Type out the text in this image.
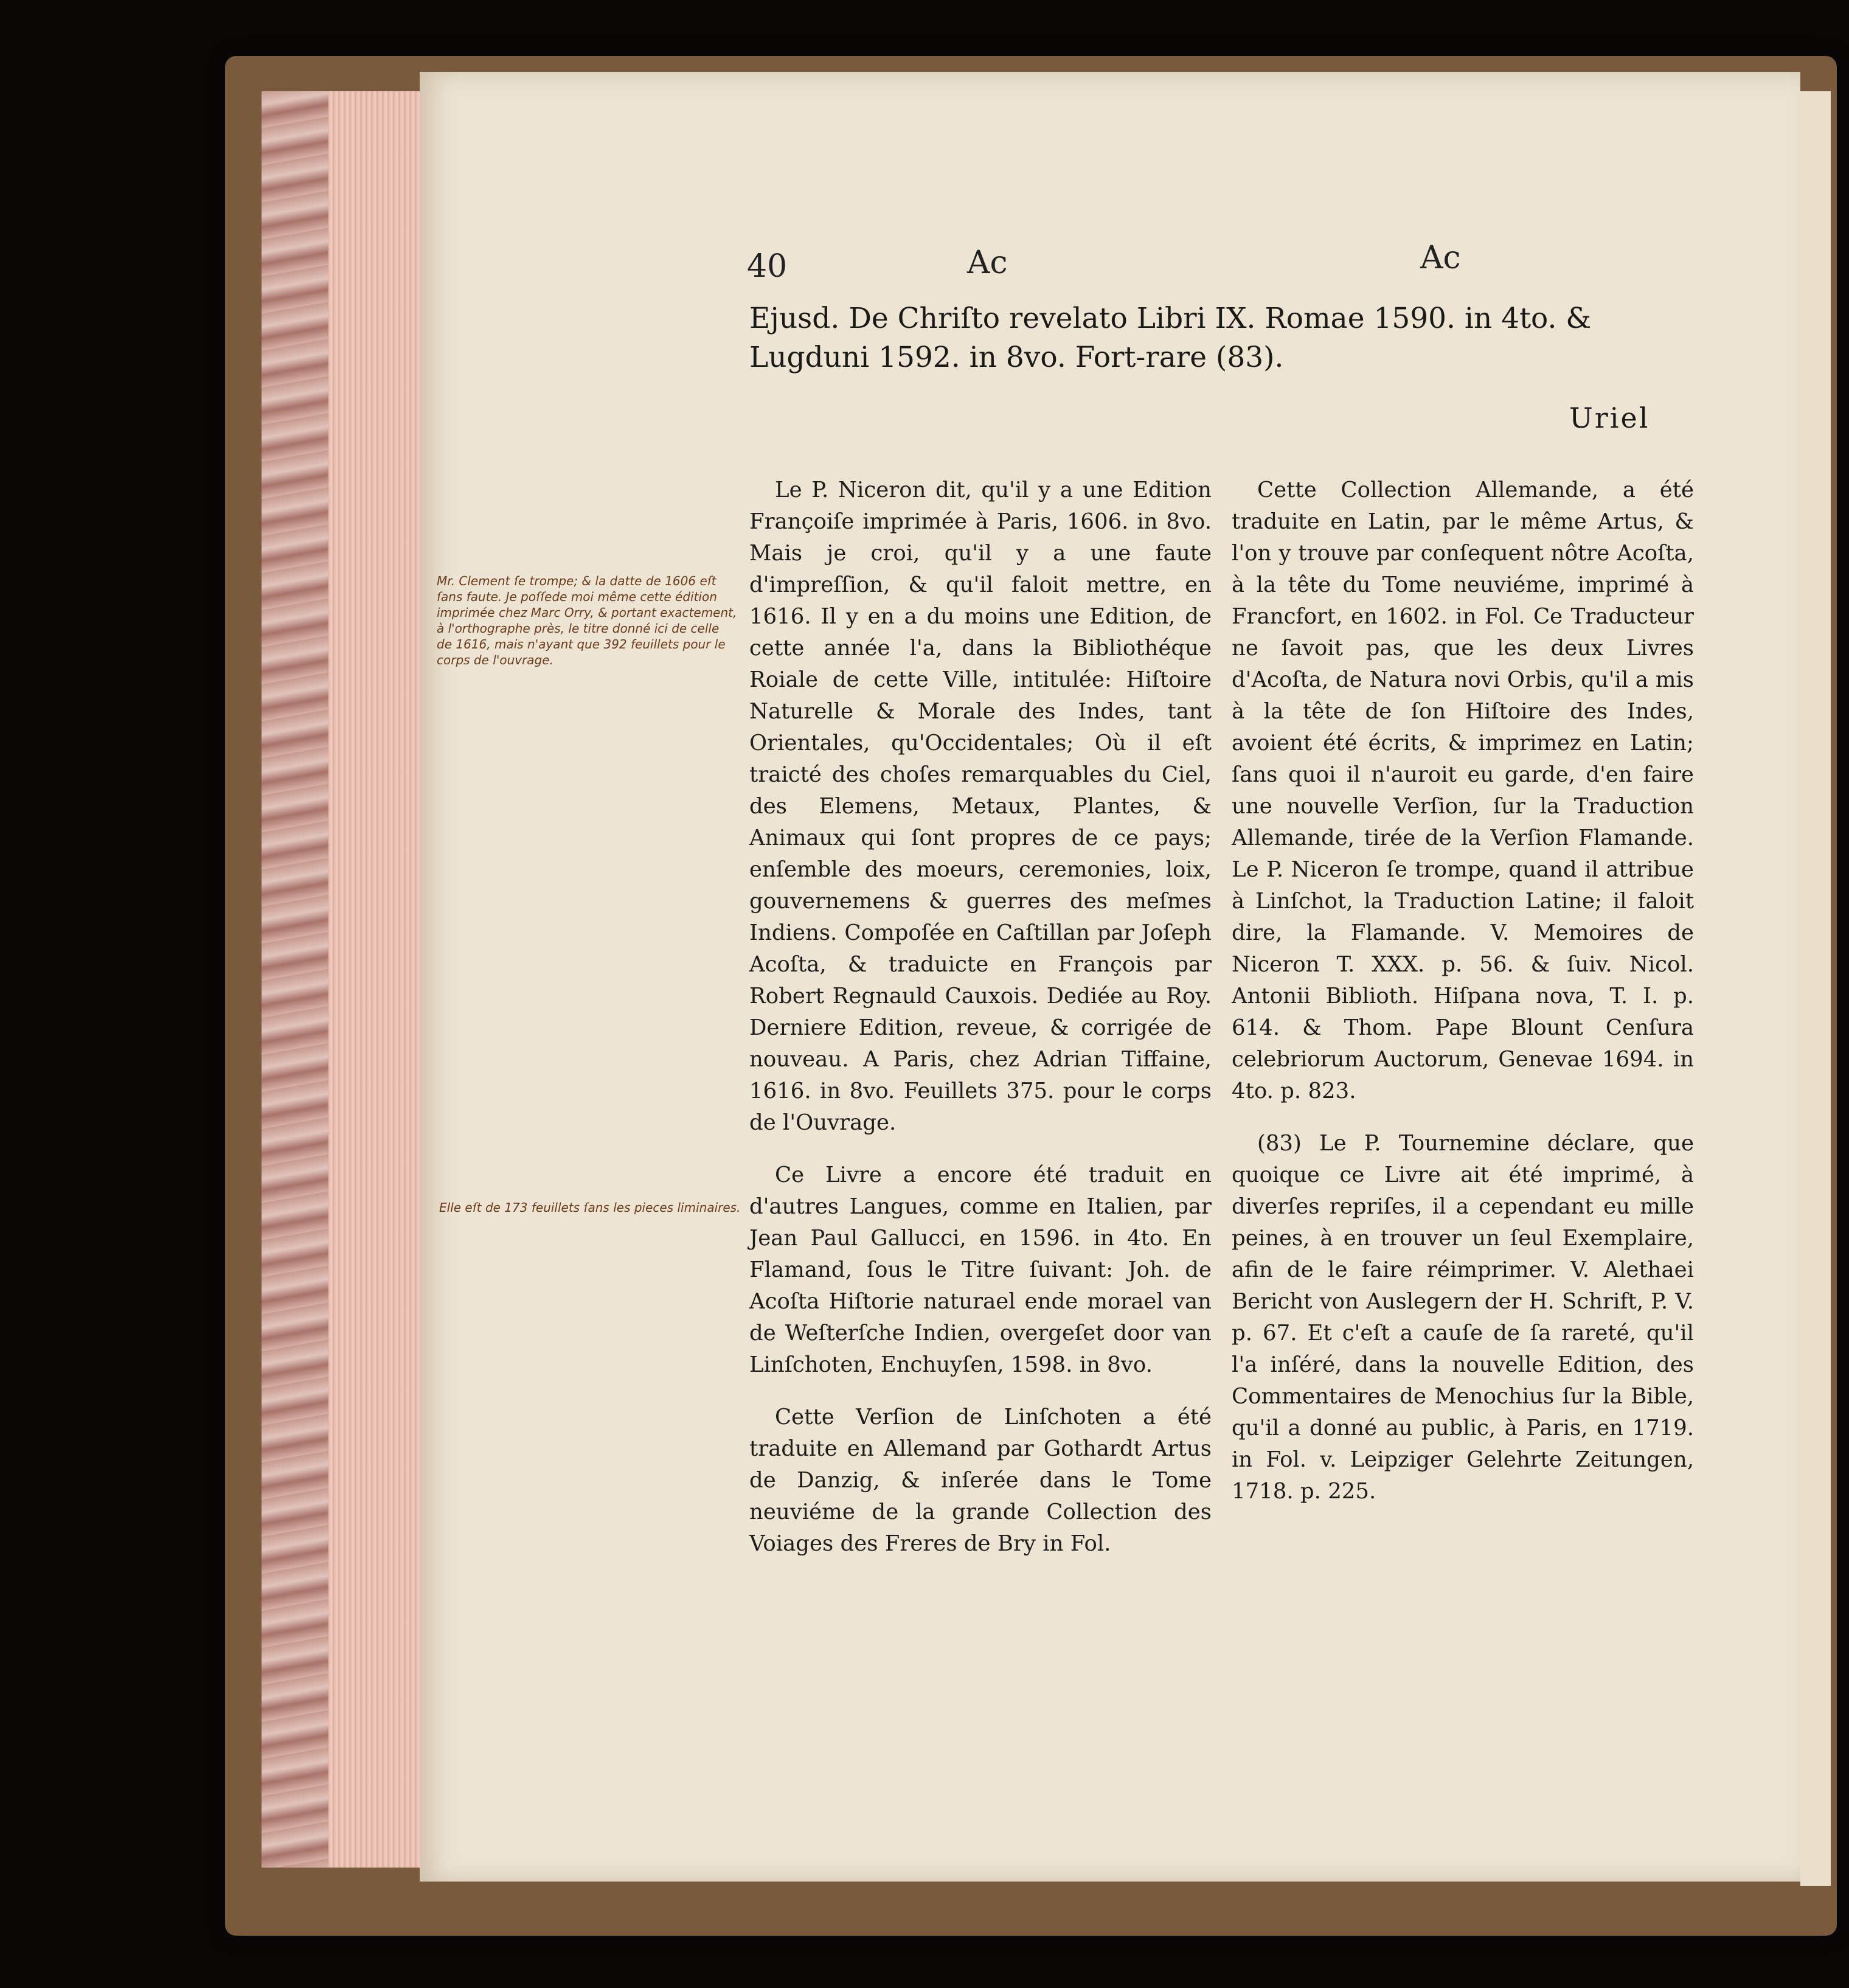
40	Ac	Ac
Ejusd. De Chriſto revelato Libri IX. Romae 1590. in 4to. & Lugduni 1592. in 8vo. Fort-rare (83).
Uriel
Mr. Clement ſe trompe; & la datte de 1606 eſt ſans faute. Je poſſede moi même cette édition imprimée chez Marc Orry, & portant exactement, à l'orthographe près, le titre donné ici de celle de 1616, mais n'ayant que 392 feuillets pour le corps de l'ouvrage.
Elle eſt de 173 feuillets ſans les pieces liminaires.

Le P. Niceron dit, qu'il y a une Edition Françoiſe imprimée à Paris, 1606. in 8vo. Mais je croi, qu'il y a une faute d'impreſſion, & qu'il faloit mettre, en 1616. Il y en a du moins une Edition, de cette année l'a, dans la Bibliothéque Roiale de cette Ville, intitulée: Hiſtoire Naturelle & Morale des Indes, tant Orientales, qu'Occidentales; Où il eſt traicté des choſes remarquables du Ciel, des Elemens, Metaux, Plantes, & Animaux qui ſont propres de ce pays; enſemble des moeurs, ceremonies, loix, gouvernemens & guerres des meſmes Indiens. Compoſée en Caſtillan par Joſeph Acoſta, & traduicte en François par Robert Regnauld Cauxois. Dediée au Roy. Derniere Edition, reveue, & corrigée de nouveau. A Paris, chez Adrian Tiffaine, 1616. in 8vo. Feuillets 375. pour le corps de l'Ouvrage.

Ce Livre a encore été traduit en d'autres Langues, comme en Italien, par Jean Paul Gallucci, en 1596. in 4to. En Flamand, ſous le Titre ſuivant: Joh. de Acoſta Hiſtorie naturael ende morael van de Weſterſche Indien, overgeſet door van Linſchoten, Enchuyſen, 1598. in 8vo.

Cette Verſion de Linſchoten a été traduite en Allemand par Gothardt Artus de Danzig, & inſerée dans le Tome neuviéme de la grande Collection des Voiages des Freres de Bry in Fol.

Cette Collection Allemande, a été traduite en Latin, par le même Artus, & l'on y trouve par conſequent nôtre Acoſta, à la tête du Tome neuviéme, imprimé à Francfort, en 1602. in Fol. Ce Traducteur ne ſavoit pas, que les deux Livres d'Acoſta, de Natura novi Orbis, qu'il a mis à la tête de ſon Hiſtoire des Indes, avoient été écrits, & imprimez en Latin; ſans quoi il n'auroit eu garde, d'en faire une nouvelle Verſion, ſur la Traduction Allemande, tirée de la Verſion Flamande. Le P. Niceron ſe trompe, quand il attribue à Linſchot, la Traduction Latine; il faloit dire, la Flamande. V. Memoires de Niceron T. XXX. p. 56. & ſuiv. Nicol. Antonii Biblioth. Hiſpana nova, T. I. p. 614. & Thom. Pape Blount Cenſura celebriorum Auctorum, Genevae 1694. in 4to. p. 823.

(83) Le P. Tournemine déclare, que quoique ce Livre ait été imprimé, à diverſes repriſes, il a cependant eu mille peines, à en trouver un ſeul Exemplaire, afin de le faire réimprimer. V. Alethaei Bericht von Auslegern der H. Schrift, P. V. p. 67. Et c'eſt a cauſe de ſa rareté, qu'il l'a inſéré, dans la nouvelle Edition, des Commentaires de Menochius ſur la Bible, qu'il a donné au public, à Paris, en 1719. in Fol. v. Leipziger Gelehrte Zeitungen, 1718. p. 225.
